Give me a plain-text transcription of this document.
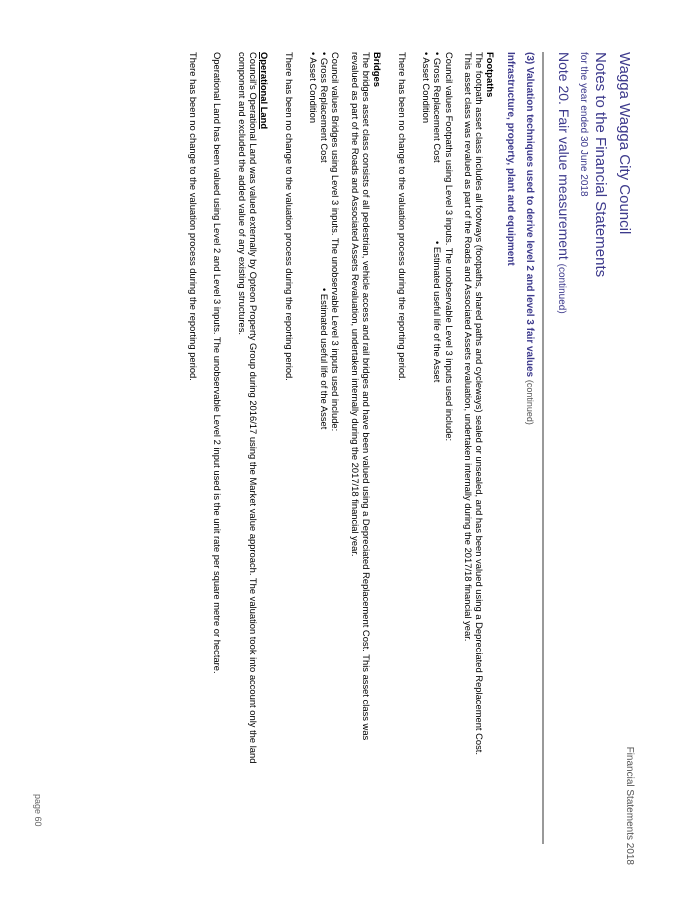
Wagga Wagga City Council
Financial Statements 2018
Notes to the Financial Statements
for the year ended 30 June 2018
Note 20. Fair value measurement (continued)

(3) Valuation techniques used to derive level 2 and level 3 fair values (continued)

Infrastructure, property, plant and equipment

Footpaths

The footpath asset class includes all footways (footpaths, shared paths and cycleways) sealed or unsealed, and has been valued using a Depreciated Replacement Cost.

This asset class was revalued as part of the Roads and Associated Assets revaluation, undertaken internally during the 2017/18 financial year.

Council values Footpaths using Level 3 inputs. The unobservable Level 3 inputs used include:

• Gross Replacement Cost
• Estimated useful life of the Asset

• Asset Condition

There has been no change to the valuation process during the reporting period.

Bridges

The bridges asset class consists of all pedestrian, vehicle access and rail bridges and have been valued using a Depreciated Replacement Cost. This asset class was

revalued as part of the Roads and Associated Assets Revaluation, undertaken internally during the 2017/18 financial year.

Council values Bridges using Level 3 inputs. The unobservable Level 3 inputs used include:

• Gross Replacement Cost
• Estimated useful life of the Asset

• Asset Condition

There has been no change to the valuation process during the reporting period.

Operational Land

Council's Operational Land was valued externally by Opteon Property Group during 2016/17 using the Market value approach. The valuation took into account only the land

component and excluded the added value of any existing structures.

Operational Land has been valued using Level 2 and Level 3 inputs. The unobservable Level 2 input used is the unit rate per square metre or hectare.

There has been no change to the valuation process during the reporting period.

page 60
